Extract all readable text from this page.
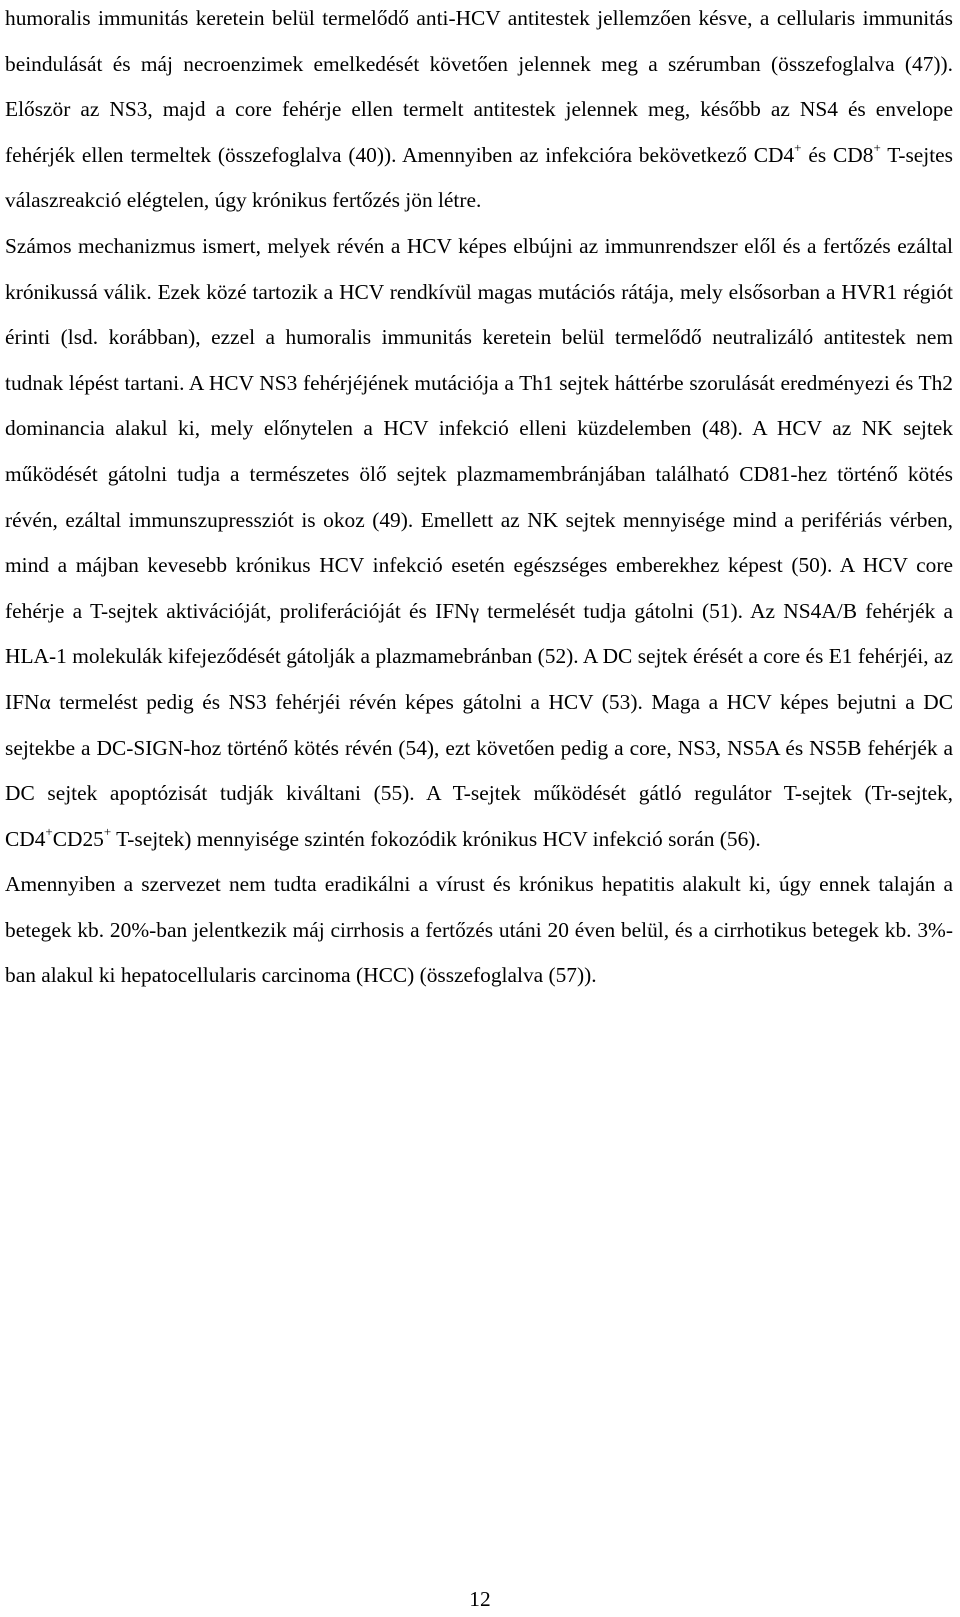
humoralis immunitás keretein belül termelődő anti-HCV antitestek jellemzően késve, a cellularis immunitás beindulását és máj necroenzimek emelkedését követően jelennek meg a szérumban (összefoglalva (47)). Először az NS3, majd a core fehérje ellen termelt antitestek jelennek meg, később az NS4 és envelope fehérjék ellen termeltek (összefoglalva (40)). Amennyiben az infekcióra bekövetkező CD4+ és CD8+ T-sejtes válaszreakció elégtelen, úgy krónikus fertőzés jön létre.

Számos mechanizmus ismert, melyek révén a HCV képes elbújni az immunrendszer elől és a fertőzés ezáltal krónikussá válik. Ezek közé tartozik a HCV rendkívül magas mutációs rátája, mely elsősorban a HVR1 régiót érinti (lsd. korábban), ezzel a humoralis immunitás keretein belül termelődő neutralizáló antitestek nem tudnak lépést tartani. A HCV NS3 fehérjéjének mutációja a Th1 sejtek háttérbe szorulását eredményezi és Th2 dominancia alakul ki, mely előnytelen a HCV infekció elleni küzdelemben (48). A HCV az NK sejtek működését gátolni tudja a természetes ölő sejtek plazmamembránjában található CD81-hez történő kötés révén, ezáltal immunszupressziót is okoz (49). Emellett az NK sejtek mennyisége mind a perifériás vérben, mind a májban kevesebb krónikus HCV infekció esetén egészséges emberekhez képest (50). A HCV core fehérje a T-sejtek aktivációját, proliferációját és IFNγ termelését tudja gátolni (51). Az NS4A/B fehérjék a HLA-1 molekulák kifejeződését gátolják a plazmamebránban (52). A DC sejtek érését a core és E1 fehérjéi, az IFNα termelést pedig és NS3 fehérjéi révén képes gátolni a HCV (53). Maga a HCV képes bejutni a DC sejtekbe a DC-SIGN-hoz történő kötés révén (54), ezt követően pedig a core, NS3, NS5A és NS5B fehérjék a DC sejtek apoptózisát tudják kiváltani (55). A T-sejtek működését gátló regulátor T-sejtek (Tr-sejtek, CD4+CD25+ T-sejtek) mennyisége szintén fokozódik krónikus HCV infekció során (56).

Amennyiben a szervezet nem tudta eradikálni a vírust és krónikus hepatitis alakult ki, úgy ennek talaján a betegek kb. 20%-ban jelentkezik máj cirrhosis a fertőzés utáni 20 éven belül, és a cirrhotikus betegek kb. 3%-ban alakul ki hepatocellularis carcinoma (HCC) (összefoglalva (57)).

12
